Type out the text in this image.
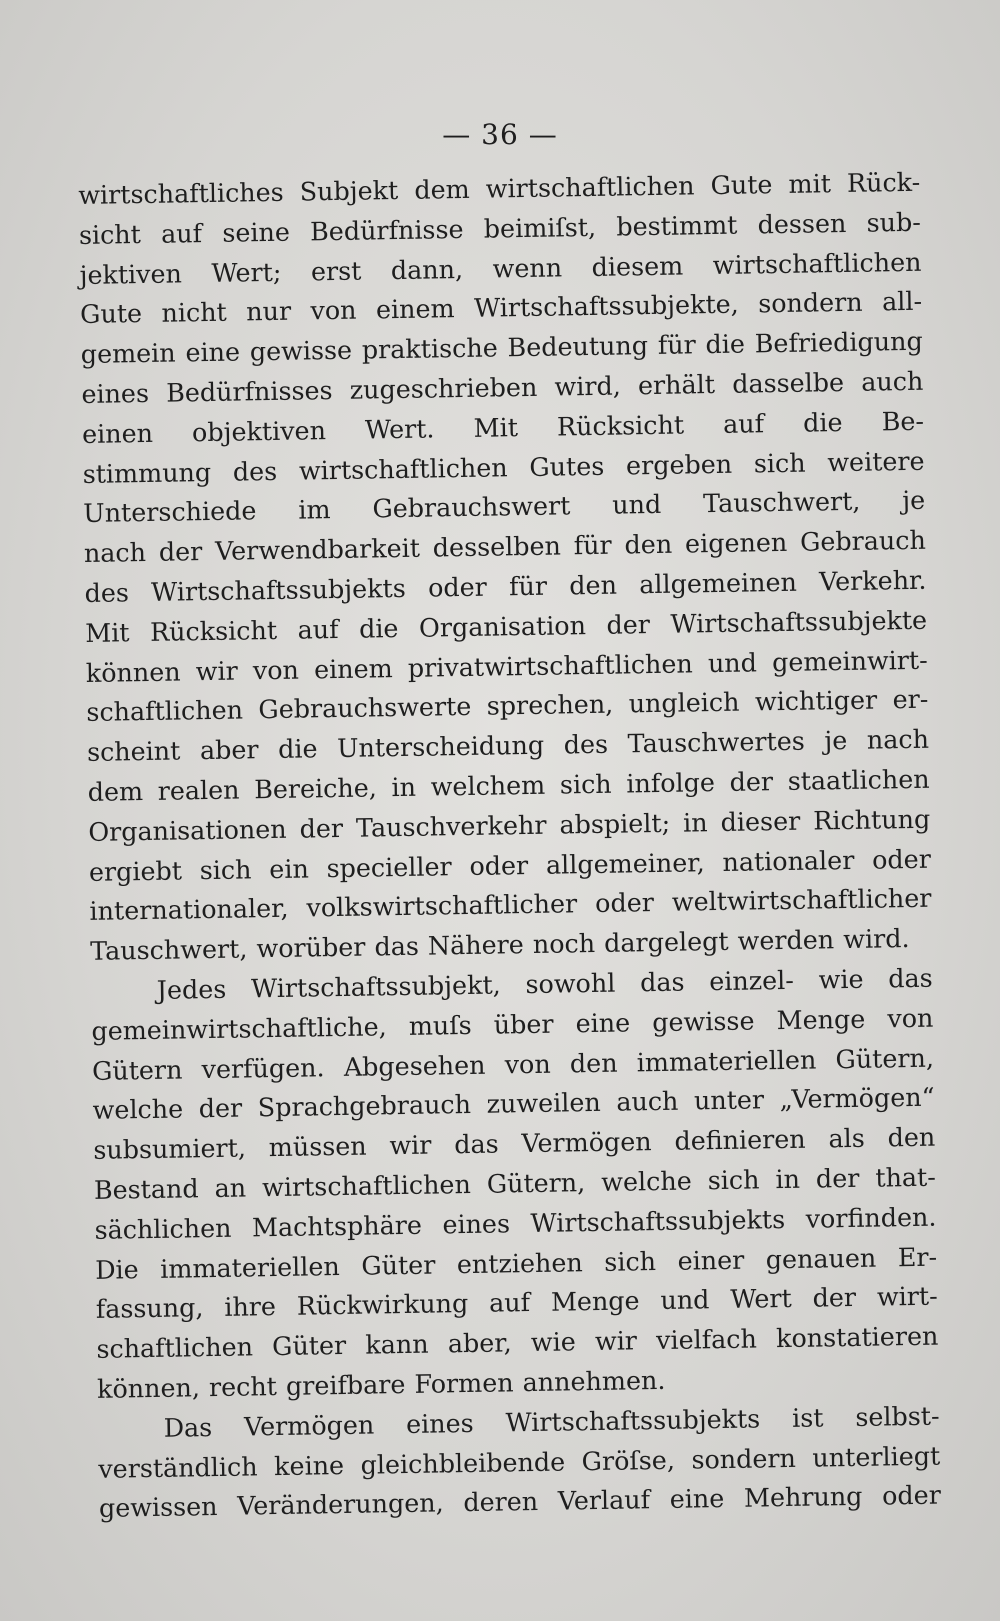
— 36 —
wirtschaftliches Subjekt dem wirtschaftlichen Gute mit Rück-
sicht auf seine Bedürfnisse beimiſst, bestimmt dessen sub-
jektiven Wert; erst dann, wenn diesem wirtschaftlichen
Gute nicht nur von einem Wirtschaftssubjekte, sondern all-
gemein eine gewisse praktische Bedeutung für die Befriedigung
eines Bedürfnisses zugeschrieben wird, erhält dasselbe auch
einen objektiven Wert. Mit Rücksicht auf die Be-
stimmung des wirtschaftlichen Gutes ergeben sich weitere
Unterschiede im Gebrauchswert und Tauschwert, je
nach der Verwendbarkeit desselben für den eigenen Gebrauch
des Wirtschaftssubjekts oder für den allgemeinen Verkehr.
Mit Rücksicht auf die Organisation der Wirtschaftssubjekte
können wir von einem privatwirtschaftlichen und gemeinwirt-
schaftlichen Gebrauchswerte sprechen, ungleich wichtiger er-
scheint aber die Unterscheidung des Tauschwertes je nach
dem realen Bereiche, in welchem sich infolge der staatlichen
Organisationen der Tauschverkehr abspielt; in dieser Richtung
ergiebt sich ein specieller oder allgemeiner, nationaler oder
internationaler, volkswirtschaftlicher oder weltwirtschaftlicher
Tauschwert, worüber das Nähere noch dargelegt werden wird.
Jedes Wirtschaftssubjekt, sowohl das einzel- wie das
gemeinwirtschaftliche, muſs über eine gewisse Menge von
Gütern verfügen. Abgesehen von den immateriellen Gütern,
welche der Sprachgebrauch zuweilen auch unter „Vermögen“
subsumiert, müssen wir das Vermögen definieren als den
Bestand an wirtschaftlichen Gütern, welche sich in der that-
sächlichen Machtsphäre eines Wirtschaftssubjekts vorfinden.
Die immateriellen Güter entziehen sich einer genauen Er-
fassung, ihre Rückwirkung auf Menge und Wert der wirt-
schaftlichen Güter kann aber, wie wir vielfach konstatieren
können, recht greifbare Formen annehmen.
Das Vermögen eines Wirtschaftssubjekts ist selbst-
verständlich keine gleichbleibende Gröſse, sondern unterliegt
gewissen Veränderungen, deren Verlauf eine Mehrung oder
